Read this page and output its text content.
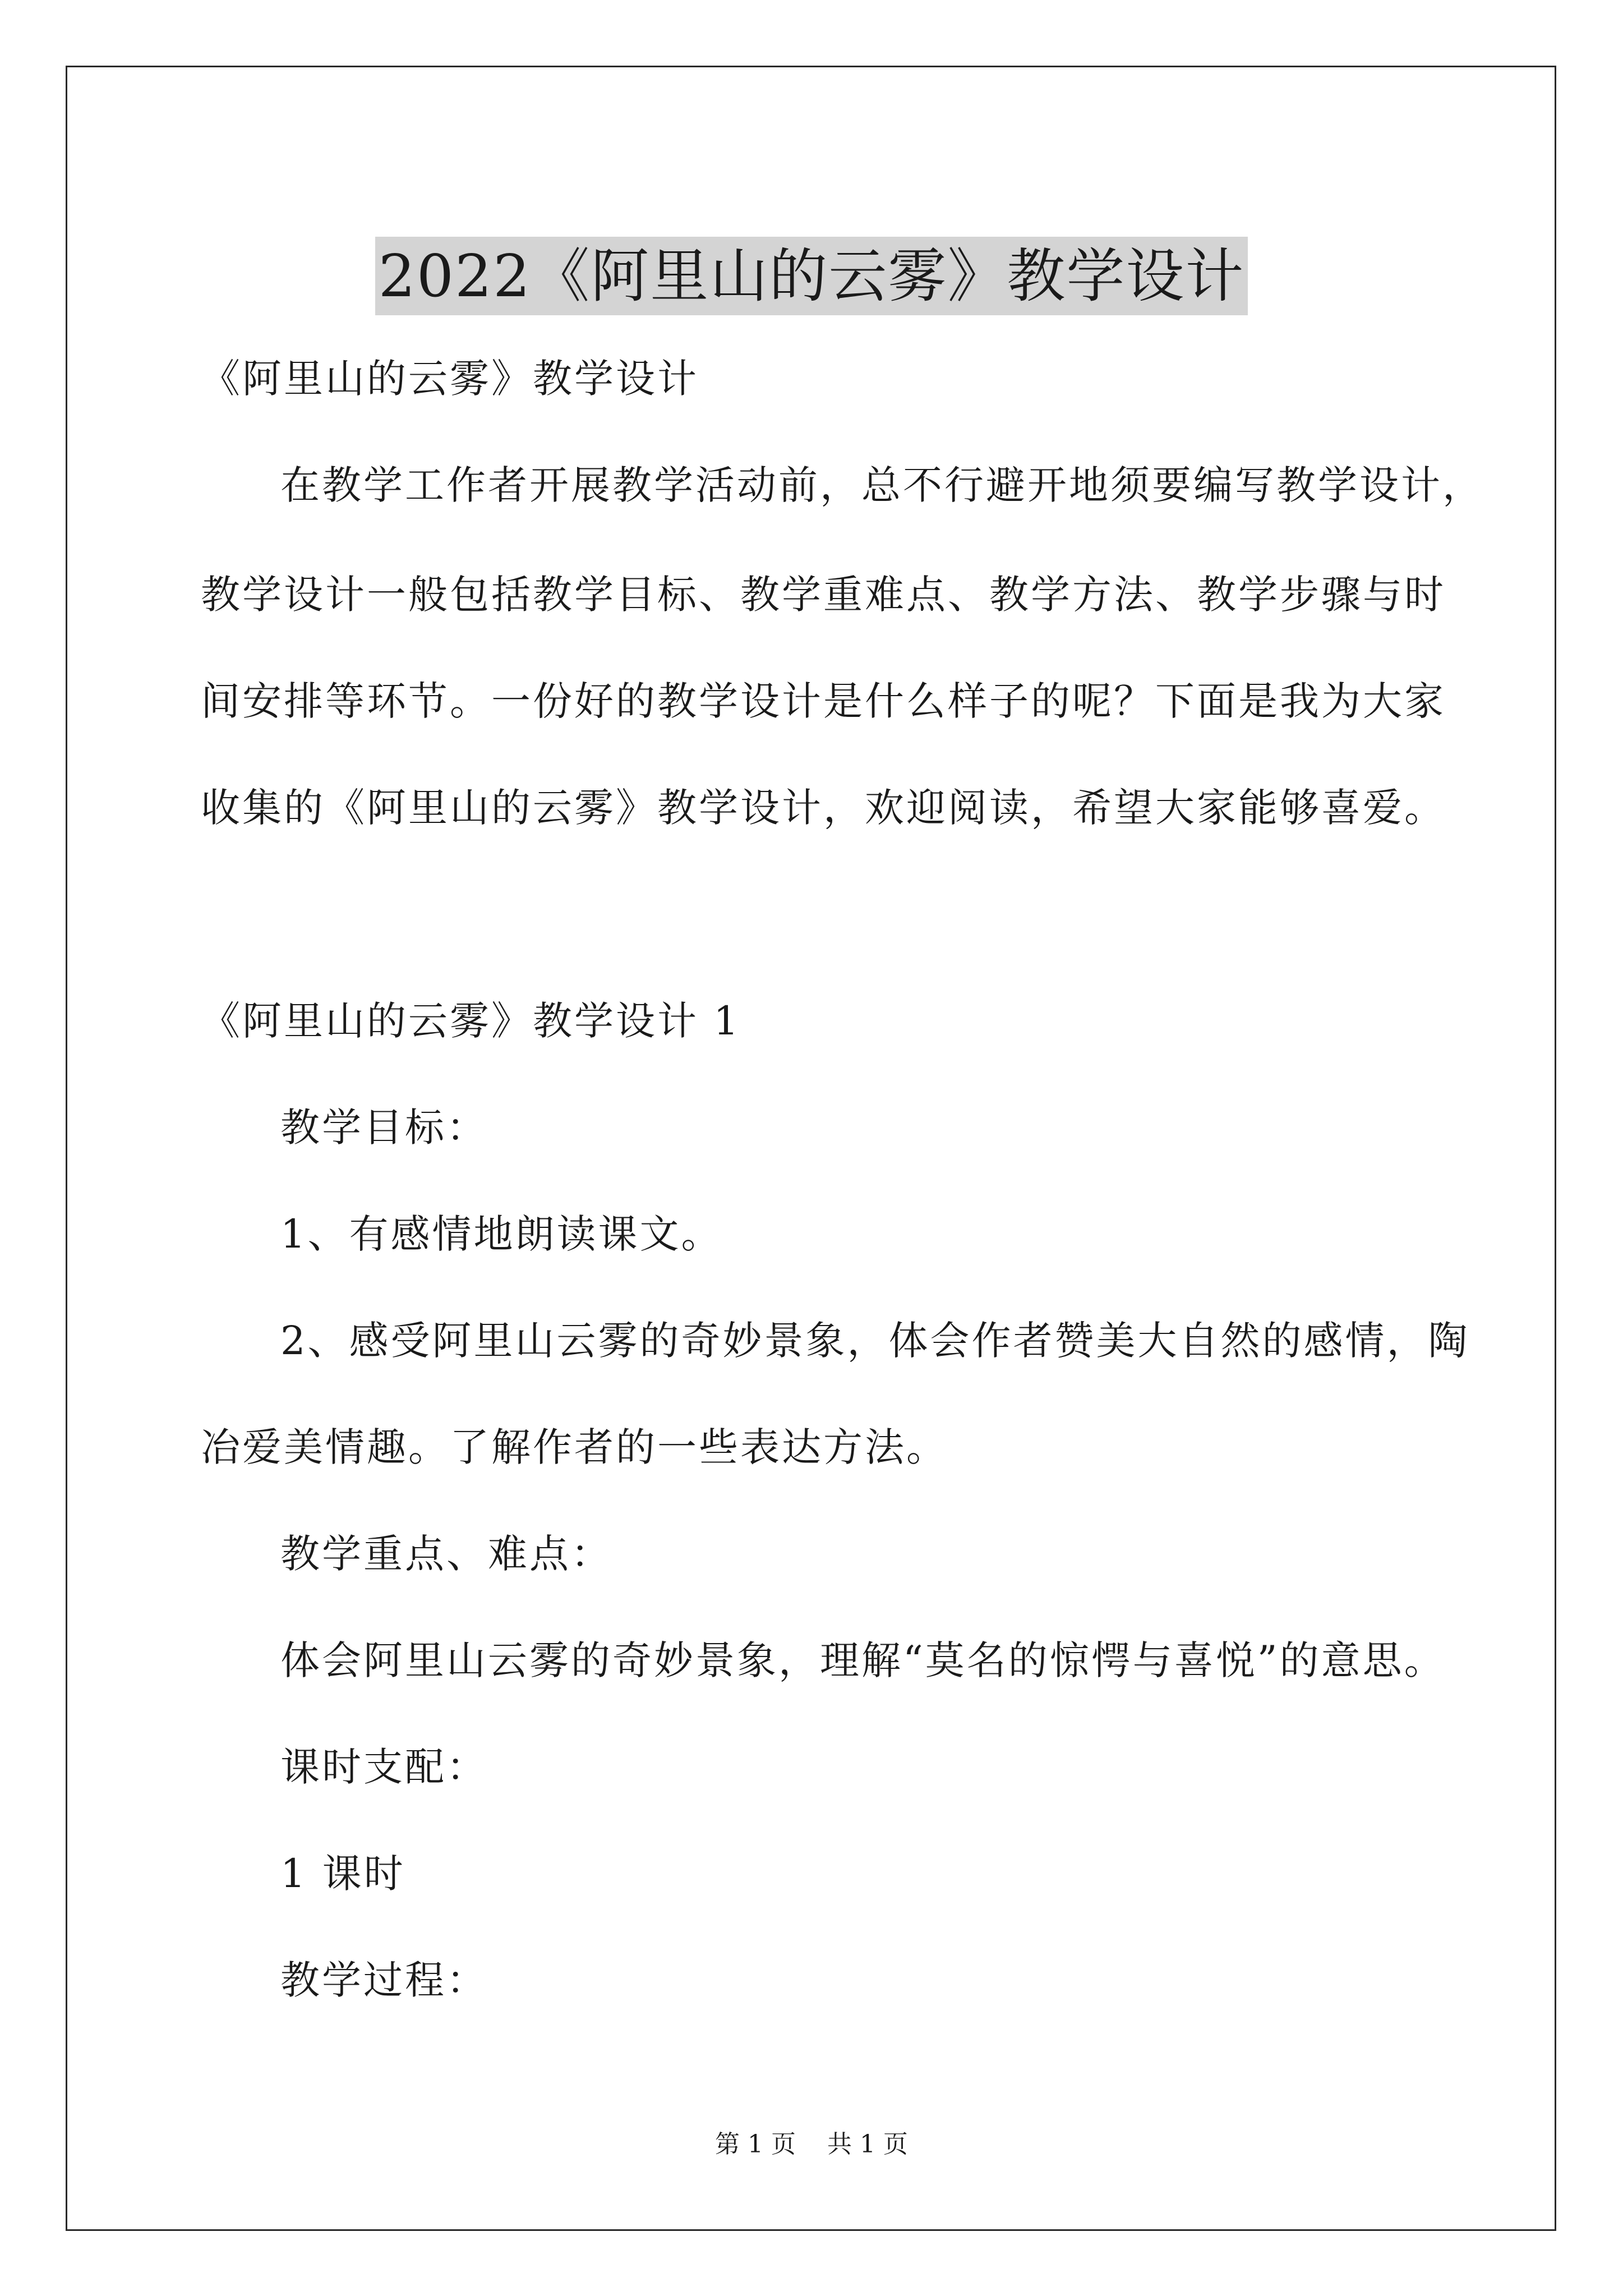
2022《阿里山的云雾》教学设计
《阿里山的云雾》教学设计
在教学工作者开展教学活动前，总不行避开地须要编写教学设计，
教学设计一般包括教学目标、教学重难点、教学方法、教学步骤与时
间安排等环节。一份好的教学设计是什么样子的呢？下面是我为大家
收集的《阿里山的云雾》教学设计，欢迎阅读，希望大家能够喜爱。
《阿里山的云雾》教学设计 1
教学目标：
1、有感情地朗读课文。
2、感受阿里山云雾的奇妙景象，体会作者赞美大自然的感情，陶
冶爱美情趣。了解作者的一些表达方法。
教学重点、难点：
体会阿里山云雾的奇妙景象，理解“莫名的惊愕与喜悦”的意思。
课时支配：
1 课时
教学过程：
第 1 页    共 1 页
